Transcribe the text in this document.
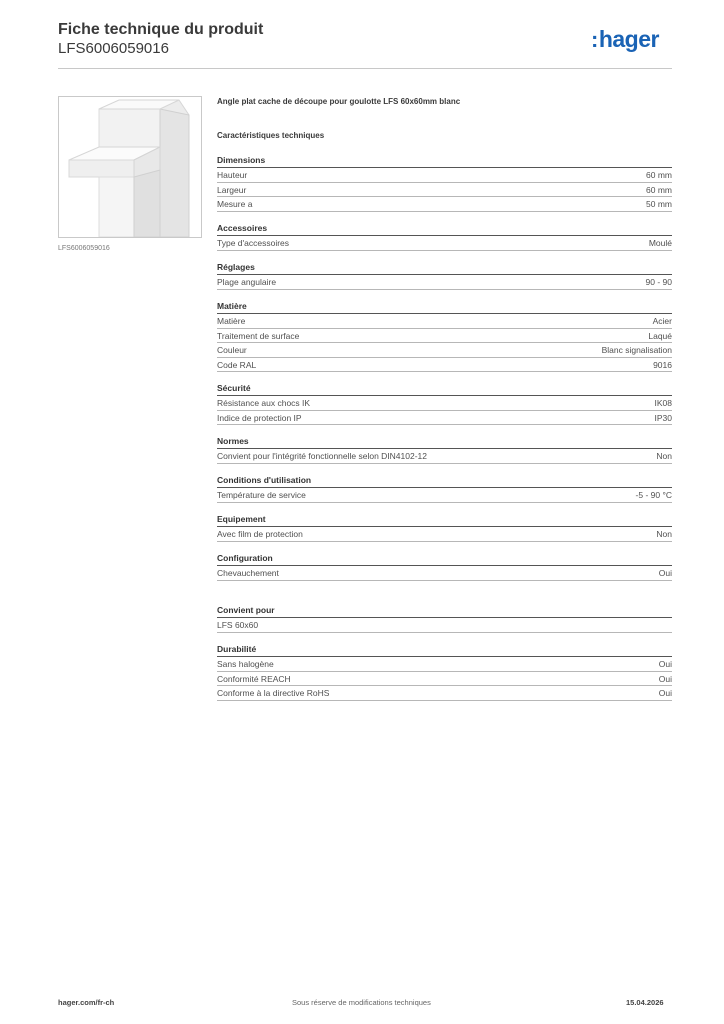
Fiche technique du produit
LFS6006059016	:hager
LFS6006059016
Angle plat cache de découpe pour goulotte LFS 60x60mm blanc
Caractéristiques techniques
Dimensions
Hauteur	60 mm
Largeur	60 mm
Mesure a	50 mm
Accessoires
Type d'accessoires	Moulé
Réglages
Plage angulaire	90 - 90
Matière
Matière	Acier
Traitement de surface	Laqué
Couleur	Blanc signalisation
Code RAL	9016
Sécurité
Résistance aux chocs IK	IK08
Indice de protection IP	IP30
Normes
Convient pour l'intégrité fonctionnelle selon DIN4102-12	Non
Conditions d'utilisation
Température de service	-5 - 90 °C
Equipement
Avec film de protection	Non
Configuration
Chevauchement	Oui
Convient pour
LFS 60x60
Durabilité
Sans halogène	Oui
Conformité REACH	Oui
Conforme à la directive RoHS	Oui
hager.com/fr-ch	Sous réserve de modifications techniques	15.04.2026
